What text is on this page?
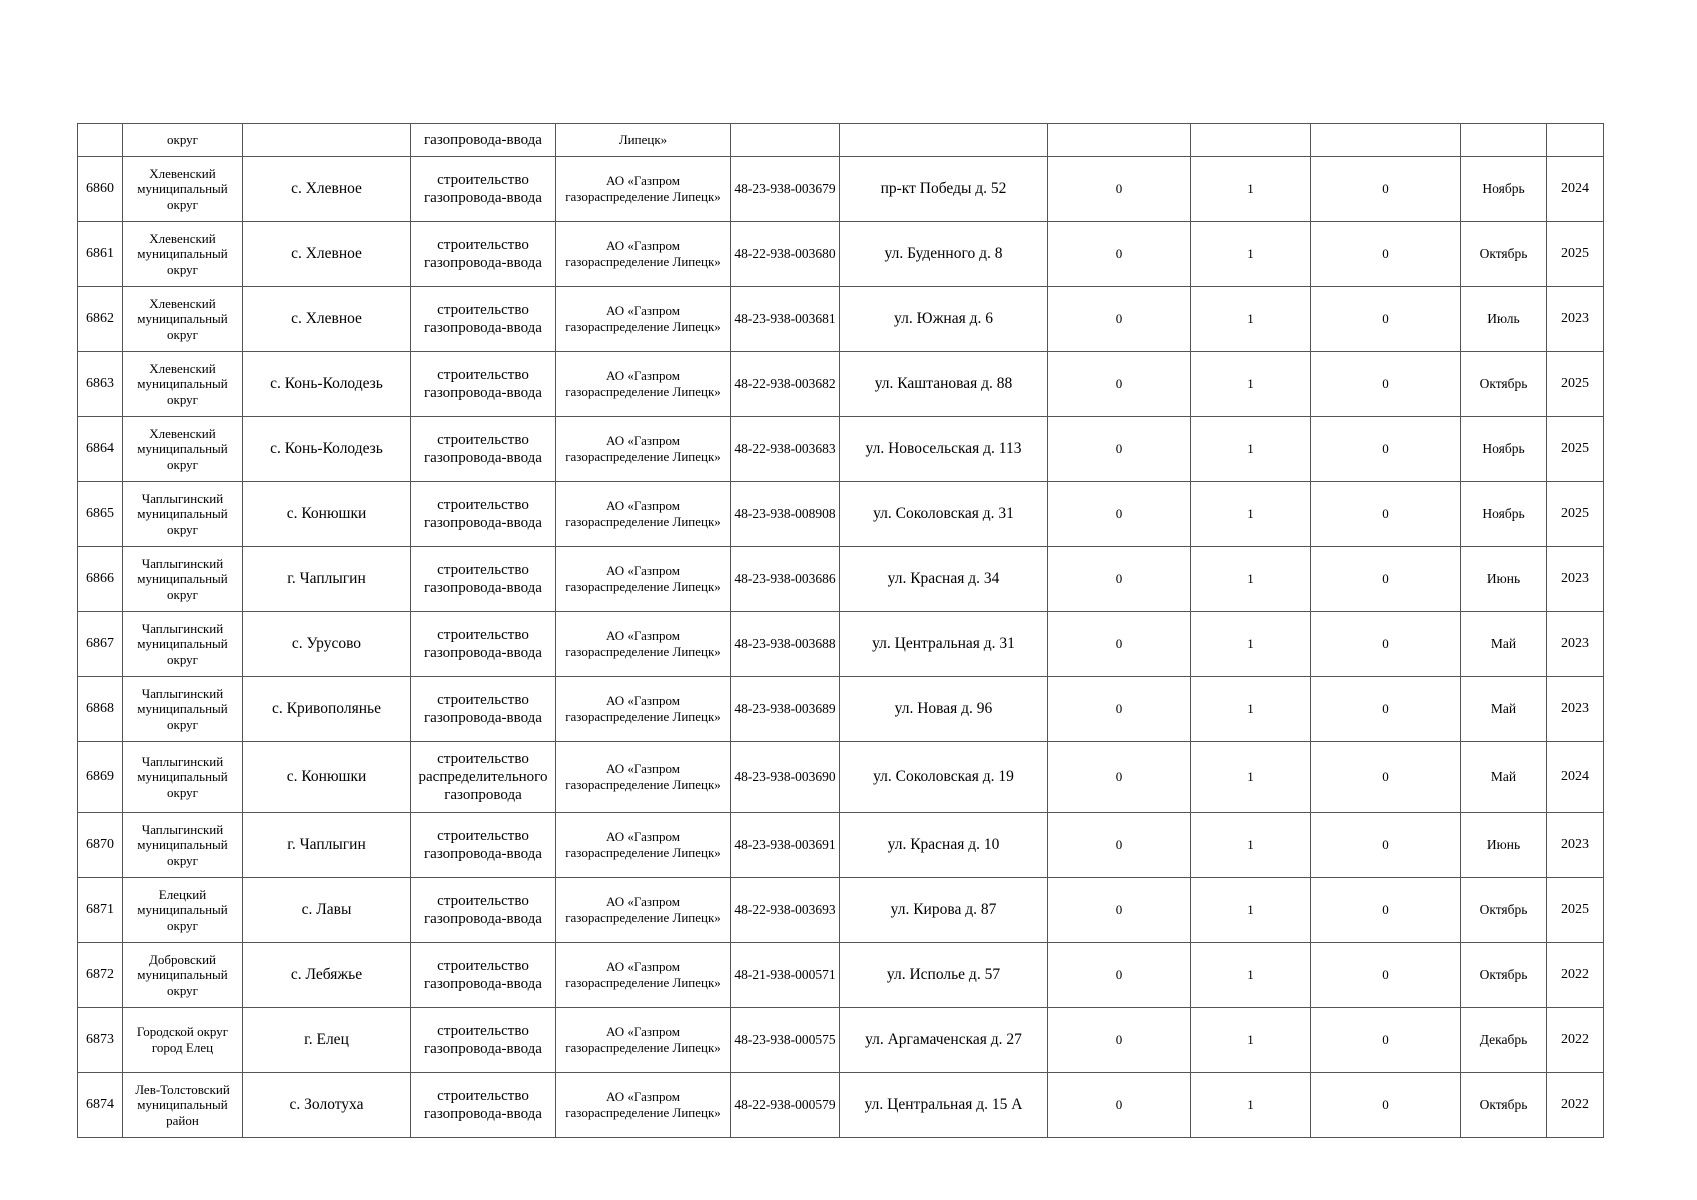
	округ		газопровода-ввода	Липецк»							
6860	Хлевенский муниципальный округ	с. Хлевное	строительство газопровода-ввода	АО «Газпром газораспределение Липецк»	48-23-938-003679	пр-кт Победы д. 52	0	1	0	Ноябрь	2024
6861	Хлевенский муниципальный округ	с. Хлевное	строительство газопровода-ввода	АО «Газпром газораспределение Липецк»	48-22-938-003680	ул. Буденного д. 8	0	1	0	Октябрь	2025
6862	Хлевенский муниципальный округ	с. Хлевное	строительство газопровода-ввода	АО «Газпром газораспределение Липецк»	48-23-938-003681	ул. Южная д. 6	0	1	0	Июль	2023
6863	Хлевенский муниципальный округ	с. Конь-Колодезь	строительство газопровода-ввода	АО «Газпром газораспределение Липецк»	48-22-938-003682	ул. Каштановая д. 88	0	1	0	Октябрь	2025
6864	Хлевенский муниципальный округ	с. Конь-Колодезь	строительство газопровода-ввода	АО «Газпром газораспределение Липецк»	48-22-938-003683	ул. Новосельская д. 113	0	1	0	Ноябрь	2025
6865	Чаплыгинский муниципальный округ	с. Конюшки	строительство газопровода-ввода	АО «Газпром газораспределение Липецк»	48-23-938-008908	ул. Соколовская д. 31	0	1	0	Ноябрь	2025
6866	Чаплыгинский муниципальный округ	г. Чаплыгин	строительство газопровода-ввода	АО «Газпром газораспределение Липецк»	48-23-938-003686	ул. Красная д. 34	0	1	0	Июнь	2023
6867	Чаплыгинский муниципальный округ	с. Урусово	строительство газопровода-ввода	АО «Газпром газораспределение Липецк»	48-23-938-003688	ул. Центральная д. 31	0	1	0	Май	2023
6868	Чаплыгинский муниципальный округ	с. Кривополянье	строительство газопровода-ввода	АО «Газпром газораспределение Липецк»	48-23-938-003689	ул. Новая д. 96	0	1	0	Май	2023
6869	Чаплыгинский муниципальный округ	с. Конюшки	строительство распределительного газопровода	АО «Газпром газораспределение Липецк»	48-23-938-003690	ул. Соколовская д. 19	0	1	0	Май	2024
6870	Чаплыгинский муниципальный округ	г. Чаплыгин	строительство газопровода-ввода	АО «Газпром газораспределение Липецк»	48-23-938-003691	ул. Красная д. 10	0	1	0	Июнь	2023
6871	Елецкий муниципальный округ	с. Лавы	строительство газопровода-ввода	АО «Газпром газораспределение Липецк»	48-22-938-003693	ул. Кирова д. 87	0	1	0	Октябрь	2025
6872	Добровский муниципальный округ	с. Лебяжье	строительство газопровода-ввода	АО «Газпром газораспределение Липецк»	48-21-938-000571	ул. Исполье д. 57	0	1	0	Октябрь	2022
6873	Городской округ город Елец	г. Елец	строительство газопровода-ввода	АО «Газпром газораспределение Липецк»	48-23-938-000575	ул. Аргамаченская д. 27	0	1	0	Декабрь	2022
6874	Лев-Толстовский муниципальный район	с. Золотуха	строительство газопровода-ввода	АО «Газпром газораспределение Липецк»	48-22-938-000579	ул. Центральная д. 15 А	0	1	0	Октябрь	2022
